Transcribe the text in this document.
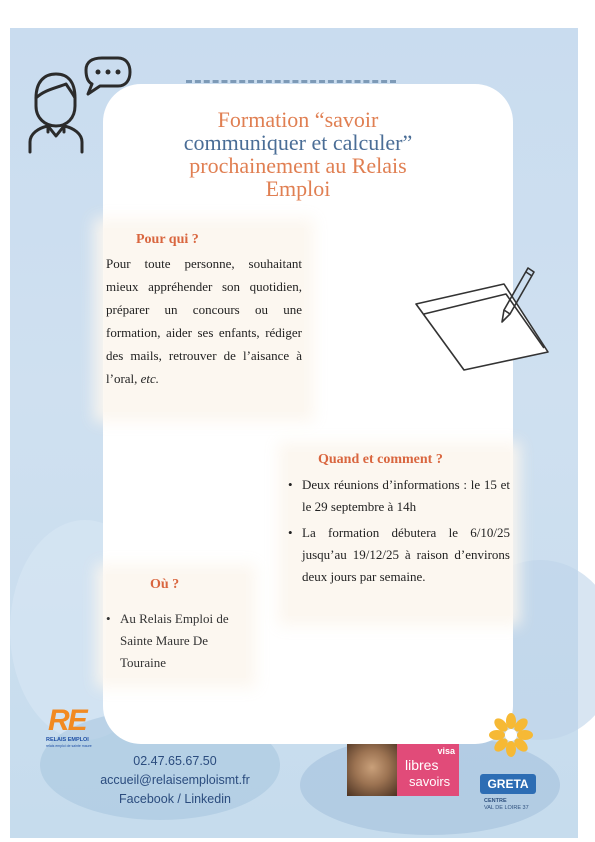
Formation “savoir
communiquer et calculer”
prochainement au Relais
Emploi
Pour qui ?
Pour toute personne, souhaitant mieux appréhender son quotidien, préparer un concours ou une formation, aider ses enfants, rédiger des mails, retrouver de l’aisance à l’oral, etc.
Quand et comment ?
• Deux réunions d’informations : le 15 et le 29 septembre à 14h
• La formation débutera le 6/10/25 jusqu’au 19/12/25 à raison d’environs deux jours par semaine.
Où ?
• Au Relais Emploi de Sainte Maure De Touraine
RE
RELAIS EMPLOI
relais emploi de sainte maure
02.47.65.67.50
accueil@relaisemploismt.fr
Facebook / Linkedin
visa
libres
savoirs	GRETA
CENTRE
VAL DE LOIRE 37
